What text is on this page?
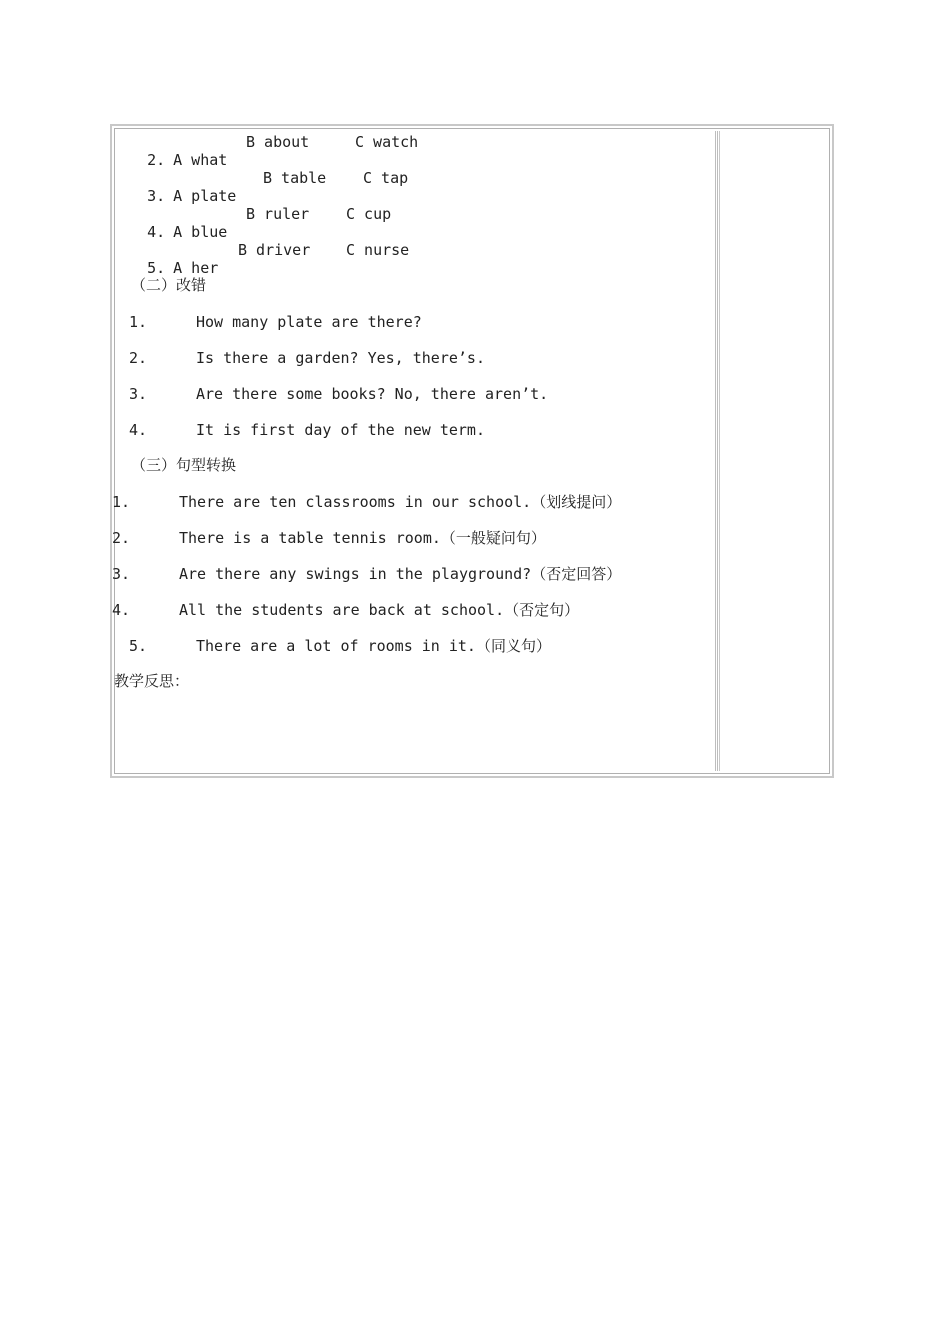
2. A what

B about	C watch

3. A plate

B table C tap

4. A blue

B ruler C cup

5. A her

B driver C nurse
（二）改错
1.	How many plate are there?
2.	Is there a garden? Yes, there’s.
3.	Are there some books? No, there aren’t.
4.	It is first day of the new term.
（三）句型转换
1.	There are ten classrooms in our school.（划线提问）
2.	There is a table tennis room.（一般疑问句）
3.	Are there any swings in the playground?（否定回答）
4.	All the students are back at school.（否定句）
5.	There are a lot of rooms in it.（同义句）
教学反思：
